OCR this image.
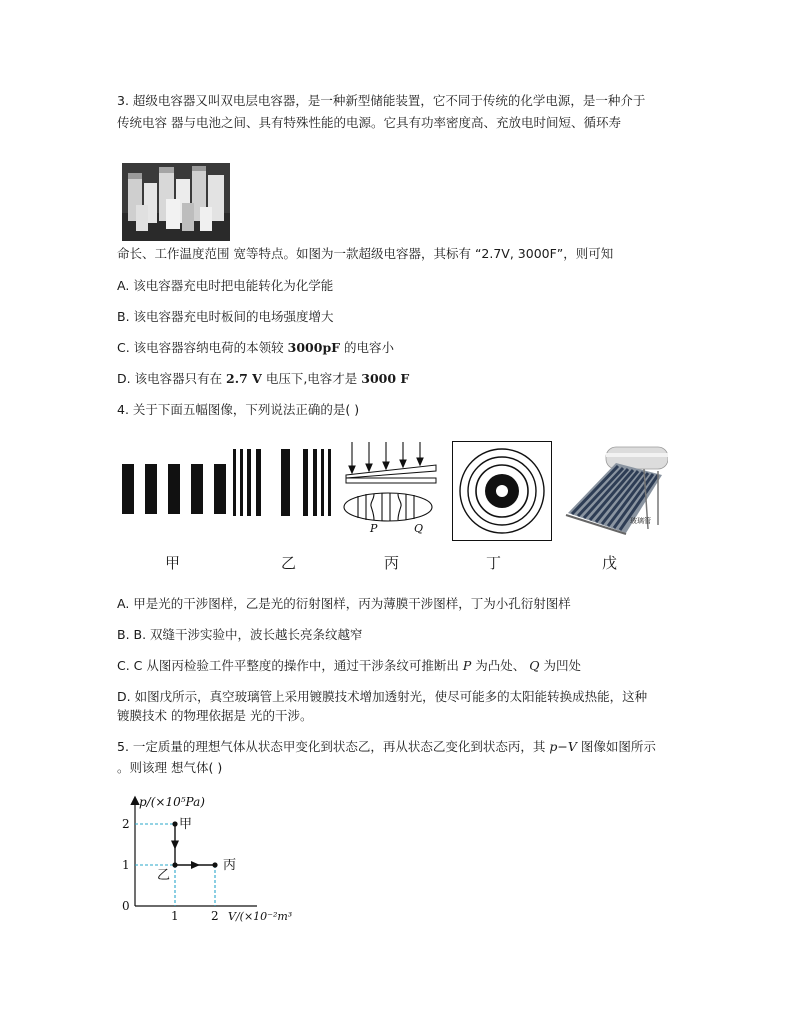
3. 超级电容器又叫双电层电容器，是一种新型储能装置，它不同于传统的化学电源，是一种介于
传统电容 器与电池之间、具有特殊性能的电源。它具有功率密度高、充放电时间短、循环寿
命长、工作温度范围 宽等特点。如图为一款超级电容器，其标有 “2.7V, 3000F”，则可知
A. 该电容器充电时把电能转化为化学能
B. 该电容器充电时板间的电场强度增大
C. 该电容器容纳电荷的本领较 3000pF 的电容小
D. 该电容器只有在 2.7 V 电压下,电容才是 3000 F
4. 关于下面五幅图像，下列说法正确的是( )
P	Q
玻璃管
甲	乙	丙	丁	戊
A. 甲是光的干涉图样，乙是光的衍射图样，丙为薄膜干涉图样，丁为小孔衍射图样
B. B. 双缝干涉实验中，波长越长亮条纹越窄
C. C 从图丙检验工件平整度的操作中，通过干涉条纹可推断出 P 为凸处、 Q 为凹处
D. 如图戊所示，真空玻璃管上采用镀膜技术增加透射光，使尽可能多的太阳能转换成热能，这种
镀膜技术 的物理依据是 光的干涉。
5. 一定质量的理想气体从状态甲变化到状态乙，再从状态乙变化到状态丙，其 p−V 图像如图所示
。则该理 想气体( )
p/(×10⁵Pa)
V/(×10⁻²m³
2
1
0
1	2
甲
乙
丙
